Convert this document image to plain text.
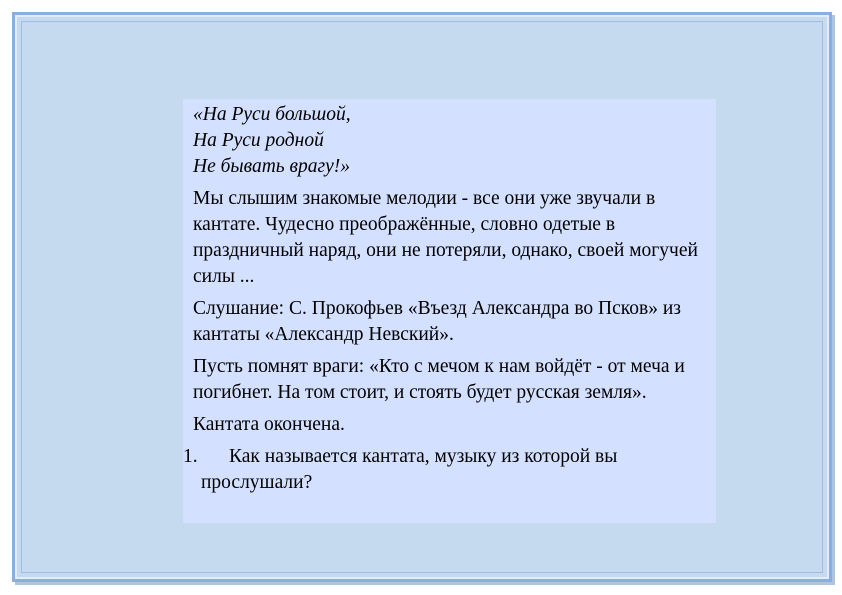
«На Руси большой,
На Руси родной
Не бывать врагу!»
Мы слышим знакомые мелодии - все они уже звучали в кантате. Чудесно преображённые, словно одетые в праздничный наряд, они не потеряли, однако, своей могучей силы ...
Слушание: С. Прокофьев «Въезд Александра во Псков» из кантаты «Александр Невский».
Пусть помнят враги: «Кто с мечом к нам войдёт - от меча и погибнет. На том стоит, и стоять будет русская земля».
Кантата окончена.
1.	Как называется кантата, музыку из которой вы прослушали?
